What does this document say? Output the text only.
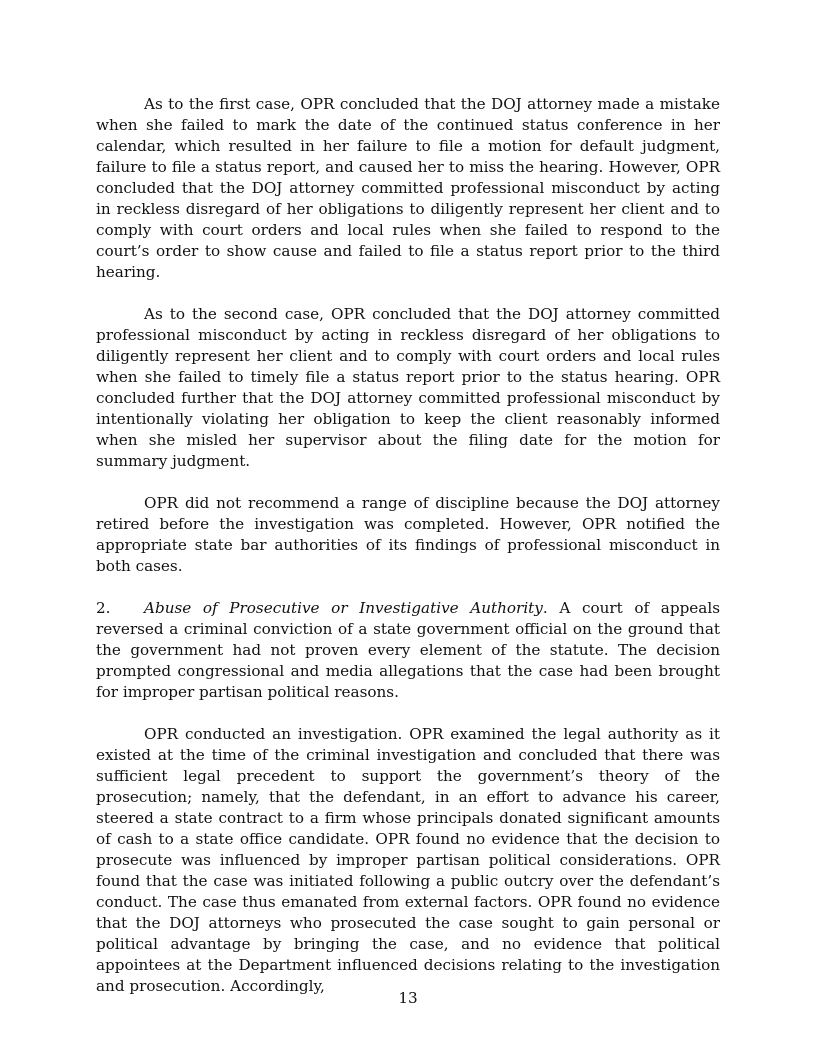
As to the first case, OPR concluded that the DOJ attorney made a mistake when she failed to mark the date of the continued status conference in her calendar, which resulted in her failure to file a motion for default judgment, failure to file a status report, and caused her to miss the hearing. However, OPR concluded that the DOJ attorney committed professional misconduct by acting in reckless disregard of her obligations to diligently represent her client and to comply with court orders and local rules when she failed to respond to the court’s order to show cause and failed to file a status report prior to the third hearing.

As to the second case, OPR concluded that the DOJ attorney committed professional misconduct by acting in reckless disregard of her obligations to diligently represent her client and to comply with court orders and local rules when she failed to timely file a status report prior to the status hearing. OPR concluded further that the DOJ attorney committed professional misconduct by intentionally violating her obligation to keep the client reasonably informed when she misled her supervisor about the filing date for the motion for summary judgment.

OPR did not recommend a range of discipline because the DOJ attorney retired before the investigation was completed. However, OPR notified the appropriate state bar authorities of its findings of professional misconduct in both cases.

2. Abuse of Prosecutive or Investigative Authority. A court of appeals reversed a criminal conviction of a state government official on the ground that the government had not proven every element of the statute. The decision prompted congressional and media allegations that the case had been brought for improper partisan political reasons.

OPR conducted an investigation. OPR examined the legal authority as it existed at the time of the criminal investigation and concluded that there was sufficient legal precedent to support the government’s theory of the prosecution; namely, that the defendant, in an effort to advance his career, steered a state contract to a firm whose principals donated significant amounts of cash to a state office candidate. OPR found no evidence that the decision to prosecute was influenced by improper partisan political considerations. OPR found that the case was initiated following a public outcry over the defendant’s conduct. The case thus emanated from external factors. OPR found no evidence that the DOJ attorneys who prosecuted the case sought to gain personal or political advantage by bringing the case, and no evidence that political appointees at the Department influenced decisions relating to the investigation and prosecution. Accordingly,

13
